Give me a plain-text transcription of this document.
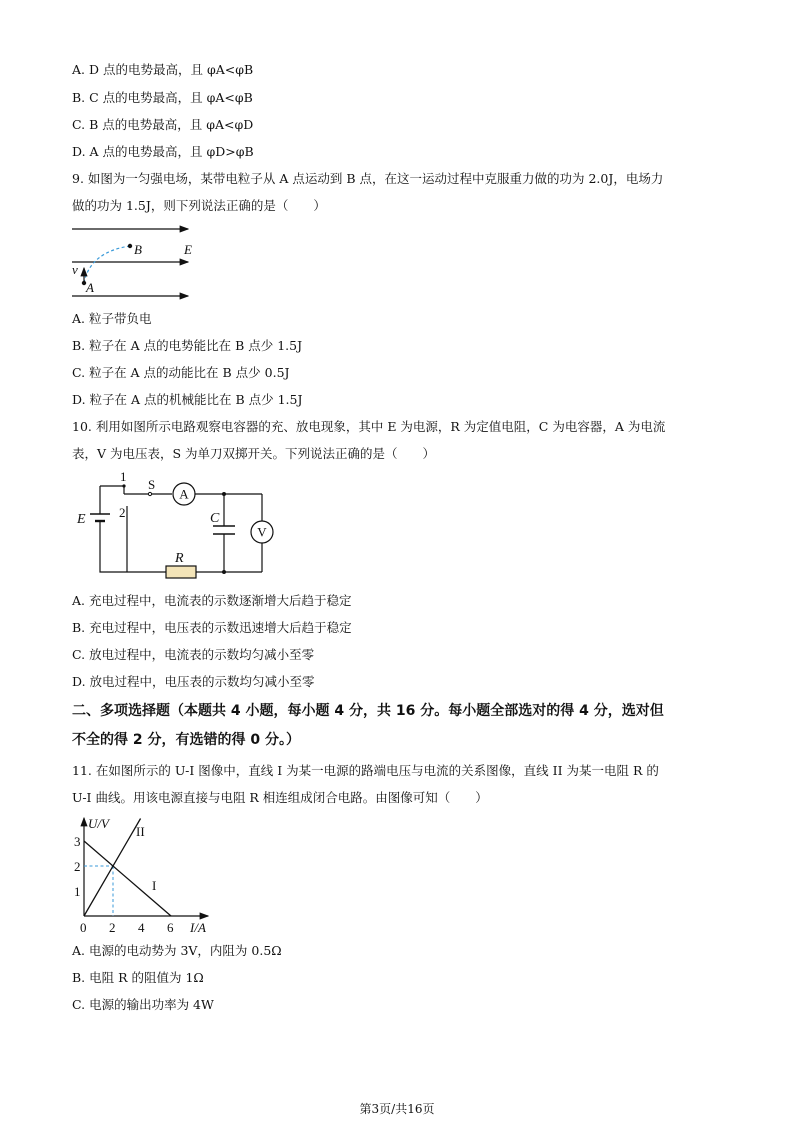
A. D 点的电势最高，且 φA<φB
B. C 点的电势最高，且 φA<φB
C. B 点的电势最高，且 φA<φD
D. A 点的电势最高，且 φD>φB
9. 如图为一匀强电场，某带电粒子从 A 点运动到 B 点，在这一运动过程中克服重力做的功为 2.0J，电场力
做的功为 1.5J，则下列说法正确的是（　　）
B	E
v
A
A. 粒子带负电
B. 粒子在 A 点的电势能比在 B 点少 1.5J
C. 粒子在 A 点的动能比在 B 点少 0.5J
D. 粒子在 A 点的机械能比在 B 点少 1.5J
10. 利用如图所示电路观察电容器的充、放电现象，其中 E 为电源，R 为定值电阻，C 为电容器，A 为电流
表，V 为电压表，S 为单刀双掷开关。下列说法正确的是（　　）
1
2
S
E	C
R
A
V
A. 充电过程中，电流表的示数逐渐增大后趋于稳定
B. 充电过程中，电压表的示数迅速增大后趋于稳定
C. 放电过程中，电流表的示数均匀减小至零
D. 放电过程中，电压表的示数均匀减小至零
二、多项选择题（本题共 4 小题，每小题 4 分，共 16 分。每小题全部选对的得 4 分，选对但
不全的得 2 分，有选错的得 0 分。）
11. 在如图所示的 U-I 图像中，直线 I 为某一电源的路端电压与电流的关系图像，直线 II 为某一电阻 R 的
U-I 曲线。用该电源直接与电阻 R 相连组成闭合电路。由图像可知（　　）
U/V
I/A
II
I
3
2
1
0 2 4 6
A. 电源的电动势为 3V，内阻为 0.5Ω
B. 电阻 R 的阻值为 1Ω
C. 电源的输出功率为 4W
第3页/共16页
